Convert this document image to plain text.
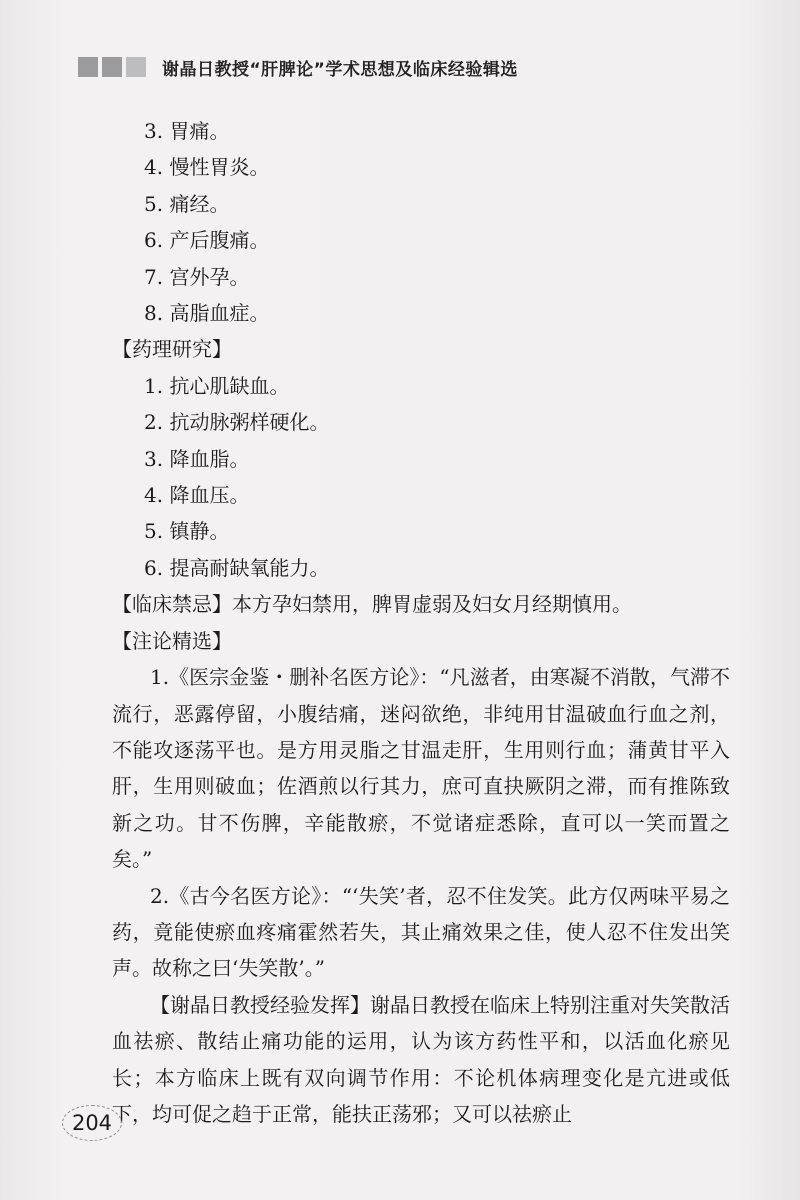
谢晶日教授“肝脾论”学术思想及临床经验辑选

3. 胃痛。

4. 慢性胃炎。

5. 痛经。

6. 产后腹痛。

7. 宫外孕。

8. 高脂血症。

【药理研究】

1. 抗心肌缺血。

2. 抗动脉粥样硬化。

3. 降血脂。

4. 降血压。

5. 镇静。

6. 提高耐缺氧能力。

【临床禁忌】本方孕妇禁用，脾胃虚弱及妇女月经期慎用。

【注论精选】

1.《医宗金鉴・删补名医方论》：“凡滋者，由寒凝不消散，气滞不流行，恶露停留，小腹结痛，迷闷欲绝，非纯用甘温破血行血之剂，不能攻逐荡平也。是方用灵脂之甘温走肝，生用则行血；蒲黄甘平入肝，生用则破血；佐酒煎以行其力，庶可直抉厥阴之滞，而有推陈致新之功。甘不伤脾，辛能散瘀，不觉诸症悉除，直可以一笑而置之矣。”

2.《古今名医方论》：“‘失笑’者，忍不住发笑。此方仅两味平易之药，竟能使瘀血疼痛霍然若失，其止痛效果之佳，使人忍不住发出笑声。故称之曰‘失笑散’。”

【谢晶日教授经验发挥】谢晶日教授在临床上特别注重对失笑散活血祛瘀、散结止痛功能的运用，认为该方药性平和，以活血化瘀见长；本方临床上既有双向调节作用：不论机体病理变化是亢进或低下，均可促之趋于正常，能扶正荡邪；又可以祛瘀止

204
